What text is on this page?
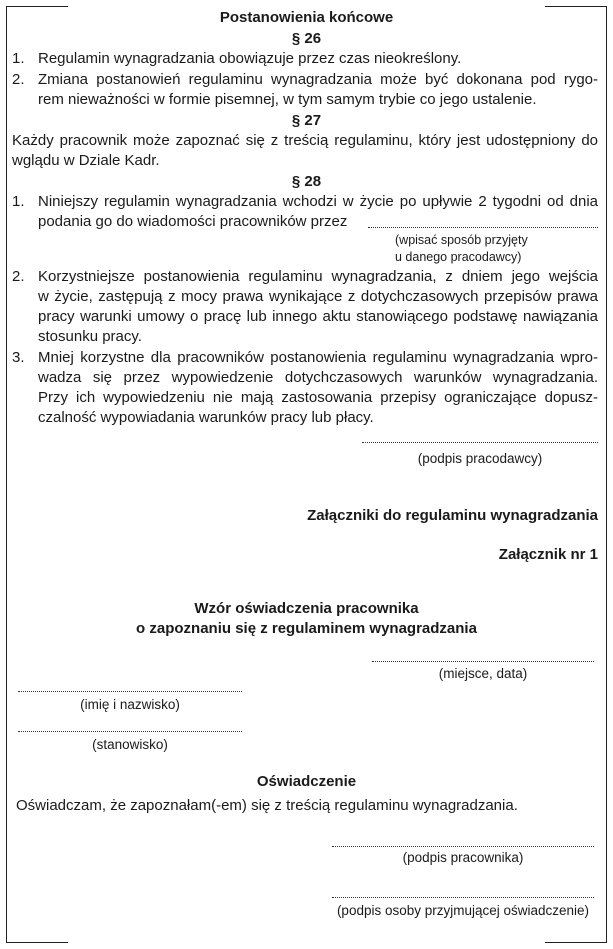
Postanowienia końcowe
§ 26
1. Regulamin wynagradzania obowiązuje przez czas nieokreślony.
2. Zmiana postanowień regulaminu wynagradzania może być dokonana pod rygo-
rem nieważności w formie pisemnej, w tym samym trybie co jego ustalenie.
§ 27
Każdy pracownik może zapoznać się z treścią regulaminu, który jest udostępniony do
wglądu w Dziale Kadr.
§ 28
1. Niniejszy regulamin wynagradzania wchodzi w życie po upływie 2 tygodni od dnia
podania go do wiadomości pracowników przez
(wpisać sposób przyjęty
u danego pracodawcy)
2. Korzystniejsze postanowienia regulaminu wynagradzania, z dniem jego wejścia
w życie, zastępują z mocy prawa wynikające z dotychczasowych przepisów prawa
pracy warunki umowy o pracę lub innego aktu stanowiącego podstawę nawiązania
stosunku pracy.
3. Mniej korzystne dla pracowników postanowienia regulaminu wynagradzania wpro-
wadza się przez wypowiedzenie dotychczasowych warunków wynagradzania.
Przy ich wypowiedzeniu nie mają zastosowania przepisy ograniczające dopusz-
czalność wypowiadania warunków pracy lub płacy.
(podpis pracodawcy)
Załączniki do regulaminu wynagradzania
Załącznik nr 1
Wzór oświadczenia pracownika
o zapoznaniu się z regulaminem wynagradzania
(miejsce, data)
(imię i nazwisko)
(stanowisko)
Oświadczenie
Oświadczam, że zapoznałam(-em) się z treścią regulaminu wynagradzania.
(podpis pracownika)
(podpis osoby przyjmującej oświadczenie)
